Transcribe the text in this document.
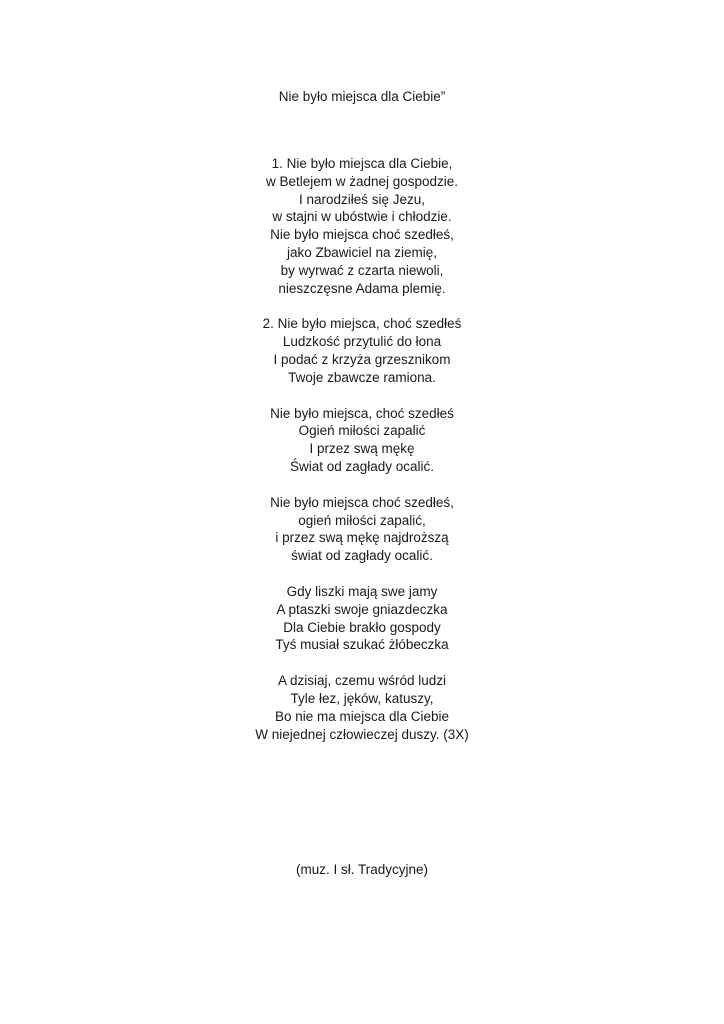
Nie było miejsca dla Ciebie”
1. Nie było miejsca dla Ciebie,
w Betlejem w żadnej gospodzie.
I narodziłeś się Jezu,
w stajni w ubóstwie i chłodzie.
Nie było miejsca choć szedłeś,
jako Zbawiciel na ziemię,
by wyrwać z czarta niewoli,
nieszczęsne Adama plemię.
2. Nie było miejsca, choć szedłeś
Ludzkość przytulić do łona
I podać z krzyża grzesznikom
Twoje zbawcze ramiona.
Nie było miejsca, choć szedłeś
Ogień miłości zapalić
I przez swą mękę
Świat od zagłady ocalić.
Nie było miejsca choć szedłeś,
ogień miłości zapalić,
i przez swą mękę najdroższą
świat od zagłady ocalić.
Gdy liszki mają swe jamy
A ptaszki swoje gniazdeczka
Dla Ciebie brakło gospody
Tyś musiał szukać żłóbeczka
A dzisiaj, czemu wśród ludzi
Tyle łez, jęków, katuszy,
Bo nie ma miejsca dla Ciebie
W niejednej człowieczej duszy. (3X)
(muz. I sł. Tradycyjne)
